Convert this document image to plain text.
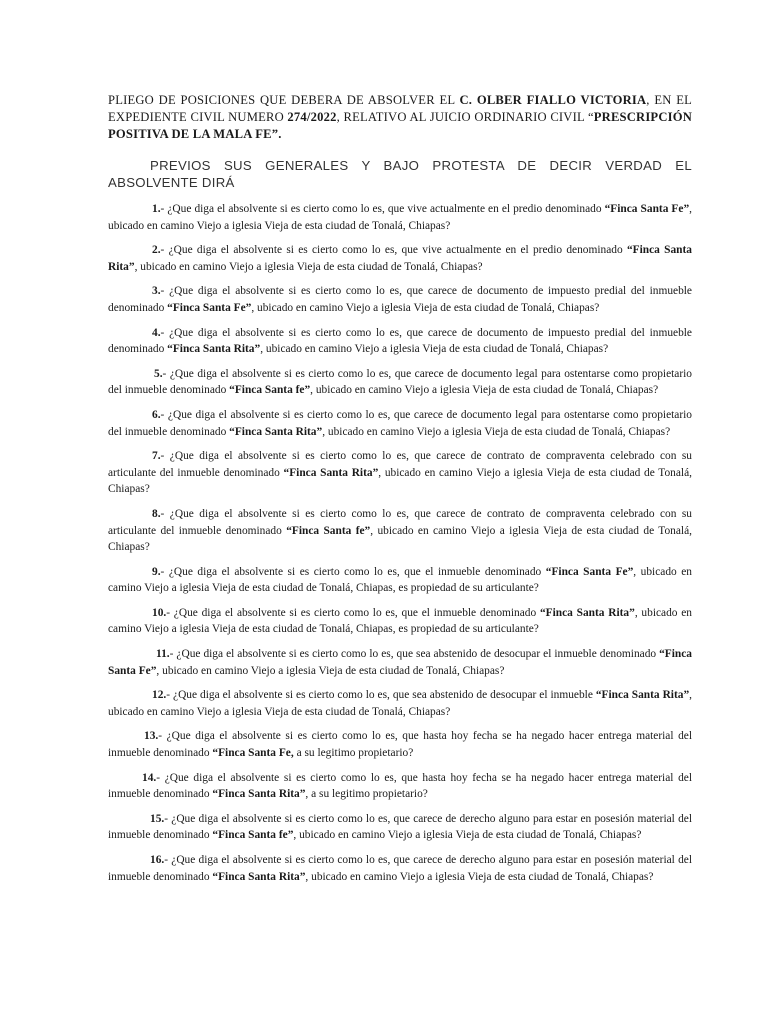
PLIEGO DE POSICIONES QUE DEBERA DE ABSOLVER EL C. OLBER FIALLO VICTORIA, EN EL EXPEDIENTE CIVIL NUMERO 274/2022, RELATIVO AL JUICIO ORDINARIO CIVIL “PRESCRIPCIÓN POSITIVA DE LA MALA FE”.

PREVIOS SUS GENERALES Y BAJO PROTESTA DE DECIR VERDAD EL ABSOLVENTE DIRÁ

1.- ¿Que diga el absolvente si es cierto como lo es, que vive actualmente en el predio denominado “Finca Santa Fe”, ubicado en camino Viejo a iglesia Vieja de esta ciudad de Tonalá, Chiapas?

2.- ¿Que diga el absolvente si es cierto como lo es, que vive actualmente en el predio denominado “Finca Santa Rita”, ubicado en camino Viejo a iglesia Vieja de esta ciudad de Tonalá, Chiapas?

3.- ¿Que diga el absolvente si es cierto como lo es, que carece de documento de impuesto predial del inmueble denominado “Finca Santa Fe”, ubicado en camino Viejo a iglesia Vieja de esta ciudad de Tonalá, Chiapas?

4.- ¿Que diga el absolvente si es cierto como lo es, que carece de documento de impuesto predial del inmueble denominado “Finca Santa Rita”, ubicado en camino Viejo a iglesia Vieja de esta ciudad de Tonalá, Chiapas?

5.- ¿Que diga el absolvente si es cierto como lo es, que carece de documento legal para ostentarse como propietario del inmueble denominado “Finca Santa fe”, ubicado en camino Viejo a iglesia Vieja de esta ciudad de Tonalá, Chiapas?

6.- ¿Que diga el absolvente si es cierto como lo es, que carece de documento legal para ostentarse como propietario del inmueble denominado “Finca Santa Rita”, ubicado en camino Viejo a iglesia Vieja de esta ciudad de Tonalá, Chiapas?

7.- ¿Que diga el absolvente si es cierto como lo es, que carece de contrato de compraventa celebrado con su articulante del inmueble denominado “Finca Santa Rita”, ubicado en camino Viejo a iglesia Vieja de esta ciudad de Tonalá, Chiapas?

8.- ¿Que diga el absolvente si es cierto como lo es, que carece de contrato de compraventa celebrado con su articulante del inmueble denominado “Finca Santa fe”, ubicado en camino Viejo a iglesia Vieja de esta ciudad de Tonalá, Chiapas?

9.- ¿Que diga el absolvente si es cierto como lo es, que el inmueble denominado “Finca Santa Fe”, ubicado en camino Viejo a iglesia Vieja de esta ciudad de Tonalá, Chiapas, es propiedad de su articulante?

10.- ¿Que diga el absolvente si es cierto como lo es, que el inmueble denominado “Finca Santa Rita”, ubicado en camino Viejo a iglesia Vieja de esta ciudad de Tonalá, Chiapas, es propiedad de su articulante?

11.- ¿Que diga el absolvente si es cierto como lo es, que sea abstenido de desocupar el inmueble denominado “Finca Santa Fe”, ubicado en camino Viejo a iglesia Vieja de esta ciudad de Tonalá, Chiapas?

12.- ¿Que diga el absolvente si es cierto como lo es, que sea abstenido de desocupar el inmueble “Finca Santa Rita”, ubicado en camino Viejo a iglesia Vieja de esta ciudad de Tonalá, Chiapas?

13.- ¿Que diga el absolvente si es cierto como lo es, que hasta hoy fecha se ha negado hacer entrega material del inmueble denominado “Finca Santa Fe, a su legitimo propietario?

14.- ¿Que diga el absolvente si es cierto como lo es, que hasta hoy fecha se ha negado hacer entrega material del inmueble denominado “Finca Santa Rita”, a su legitimo propietario?

15.- ¿Que diga el absolvente si es cierto como lo es, que carece de derecho alguno para estar en posesión material del inmueble denominado “Finca Santa fe”, ubicado en camino Viejo a iglesia Vieja de esta ciudad de Tonalá, Chiapas?

16.- ¿Que diga el absolvente si es cierto como lo es, que carece de derecho alguno para estar en posesión material del inmueble denominado “Finca Santa Rita”, ubicado en camino Viejo a iglesia Vieja de esta ciudad de Tonalá, Chiapas?
